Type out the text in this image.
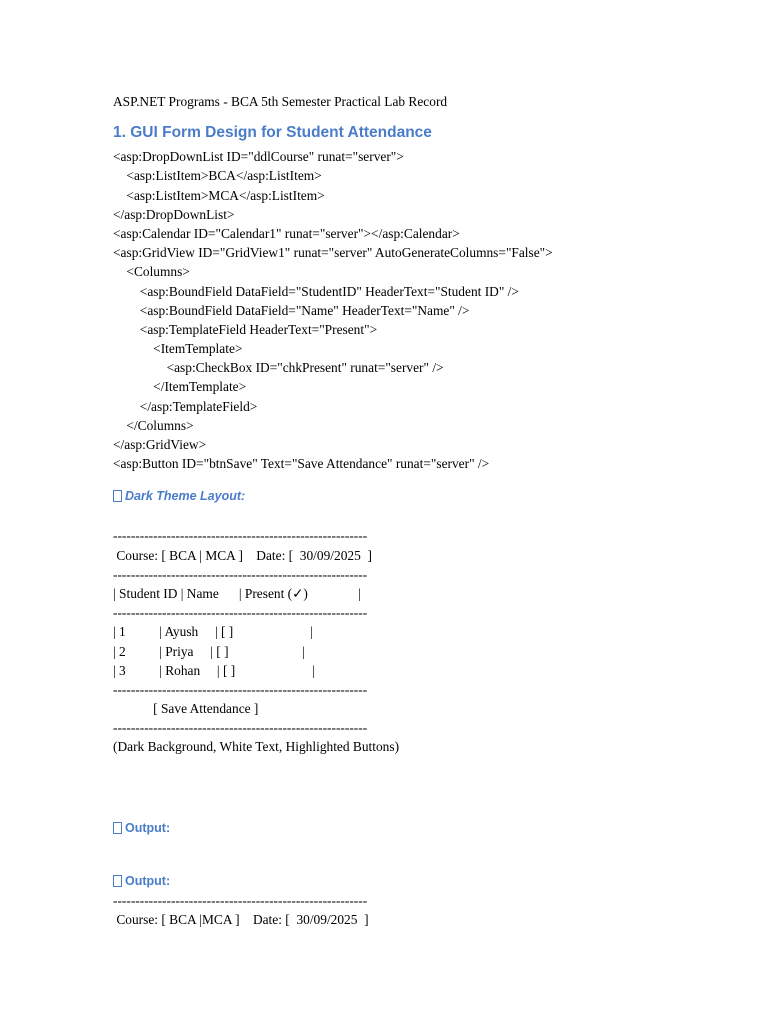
ASP.NET Programs - BCA 5th Semester Practical Lab Record
1. GUI Form Design for Student Attendance
<asp:DropDownList ID="ddlCourse" runat="server">
<asp:ListItem>BCA</asp:ListItem>
<asp:ListItem>MCA</asp:ListItem>
</asp:DropDownList>
<asp:Calendar ID="Calendar1" runat="server"></asp:Calendar>
<asp:GridView ID="GridView1" runat="server" AutoGenerateColumns="False">
<Columns>
<asp:BoundField DataField="StudentID" HeaderText="Student ID" />
<asp:BoundField DataField="Name" HeaderText="Name" />
<asp:TemplateField HeaderText="Present">
<ItemTemplate>
<asp:CheckBox ID="chkPresent" runat="server" />
</ItemTemplate>
</asp:TemplateField>
</Columns>
</asp:GridView>
<asp:Button ID="btnSave" Text="Save Attendance" runat="server" />
Dark Theme Layout:
---------------------------------------------------------
Course: [ BCA | MCA ]    Date: [  30/09/2025  ]
---------------------------------------------------------
| Student ID | Name      | Present (✓)               |
---------------------------------------------------------
| 1          | Ayush     | [ ]                       |
| 2          | Priya     | [ ]                      |
| 3          | Rohan     | [ ]                       |
---------------------------------------------------------
[ Save Attendance ]
---------------------------------------------------------
(Dark Background, White Text, Highlighted Buttons)
Output:
Output:
---------------------------------------------------------
Course: [ BCA |MCA ]    Date: [  30/09/2025  ]
